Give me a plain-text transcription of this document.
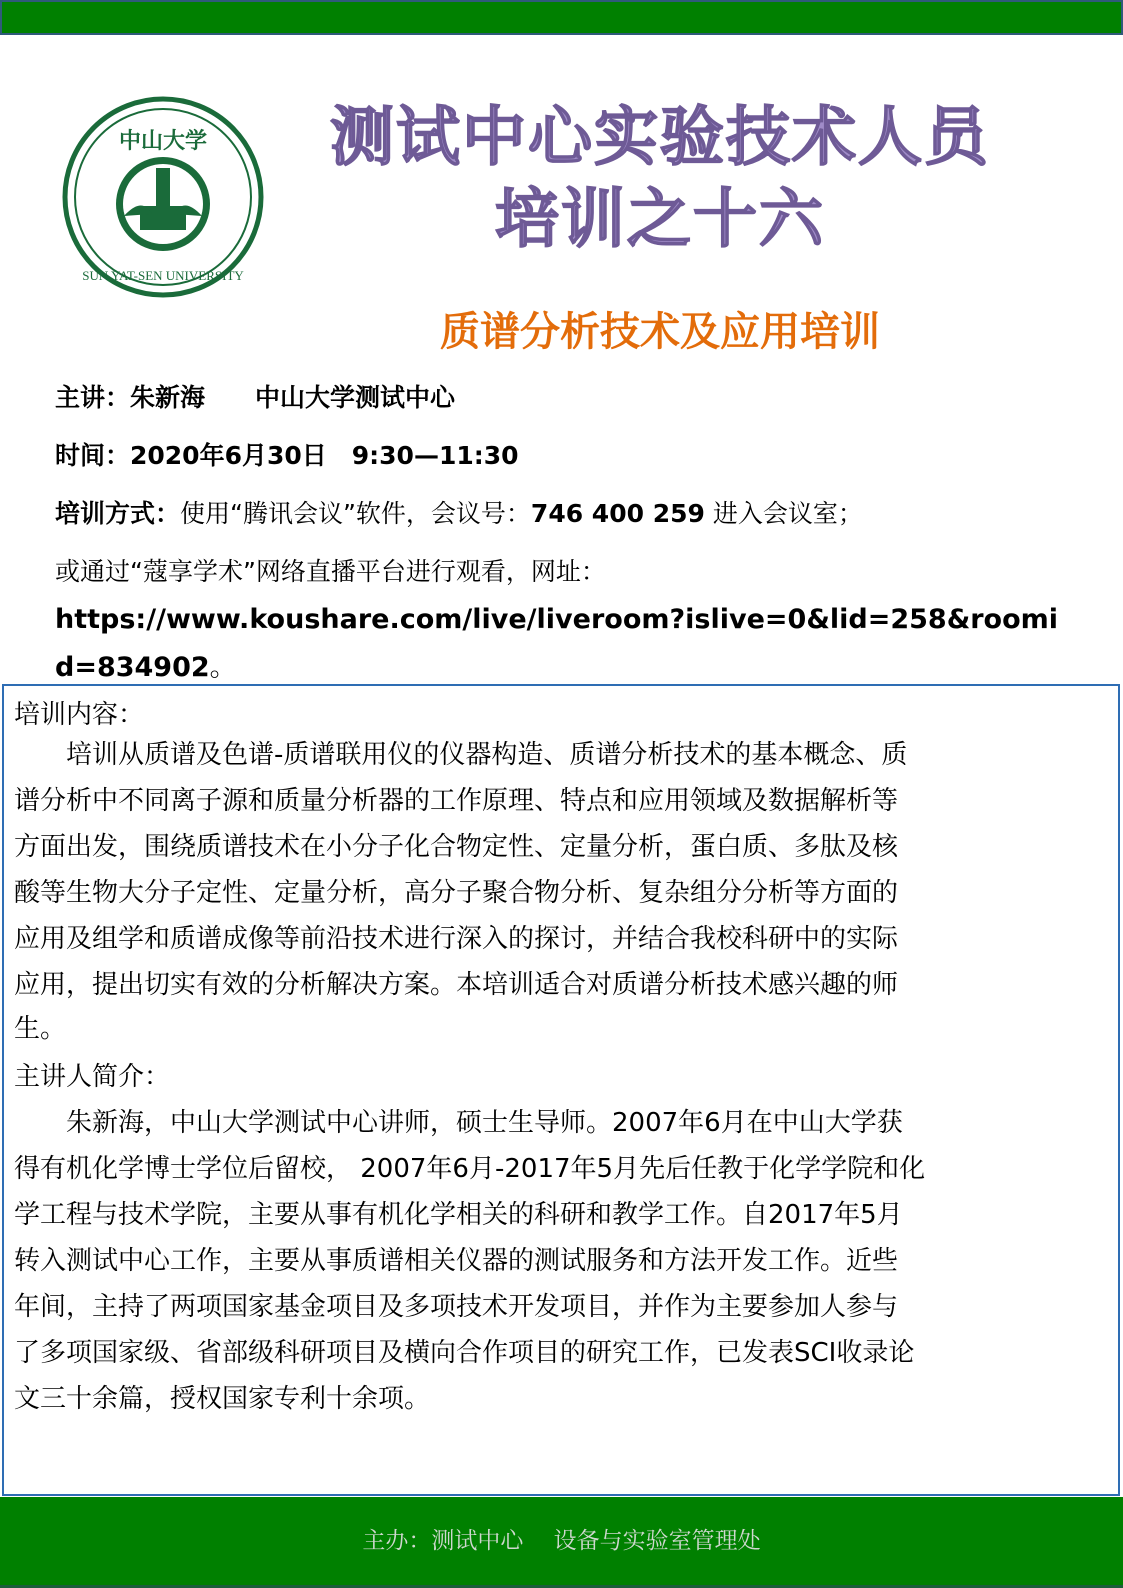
中山大学
SUN YAT-SEN UNIVERSITY
测试中心实验技术人员
培训之十六
质谱分析技术及应用培训
主讲：朱新海　　中山大学测试中心
时间：2020年6月30日　9:30—11:30
培训方式：使用“腾讯会议”软件，会议号：746 400 259 进入会议室；
或通过“蔻享学术”网络直播平台进行观看，网址：
https://www.koushare.com/live/liveroom?islive=0&lid=258&roomi
d=834902。
培训内容：
　　培训从质谱及色谱-质谱联用仪的仪器构造、质谱分析技术的基本概念、质
谱分析中不同离子源和质量分析器的工作原理、特点和应用领域及数据解析等
方面出发，围绕质谱技术在小分子化合物定性、定量分析，蛋白质、多肽及核
酸等生物大分子定性、定量分析，高分子聚合物分析、复杂组分分析等方面的
应用及组学和质谱成像等前沿技术进行深入的探讨，并结合我校科研中的实际
应用，提出切实有效的分析解决方案。本培训适合对质谱分析技术感兴趣的师
生。
主讲人简介：
　　朱新海，中山大学测试中心讲师，硕士生导师。2007年6月在中山大学获
得有机化学博士学位后留校， 2007年6月-2017年5月先后任教于化学学院和化
学工程与技术学院，主要从事有机化学相关的科研和教学工作。自2017年5月
转入测试中心工作，主要从事质谱相关仪器的测试服务和方法开发工作。近些
年间，主持了两项国家基金项目及多项技术开发项目，并作为主要参加人参与
了多项国家级、省部级科研项目及横向合作项目的研究工作，已发表SCI收录论
文三十余篇，授权国家专利十余项。
主办：测试中心　 设备与实验室管理处
